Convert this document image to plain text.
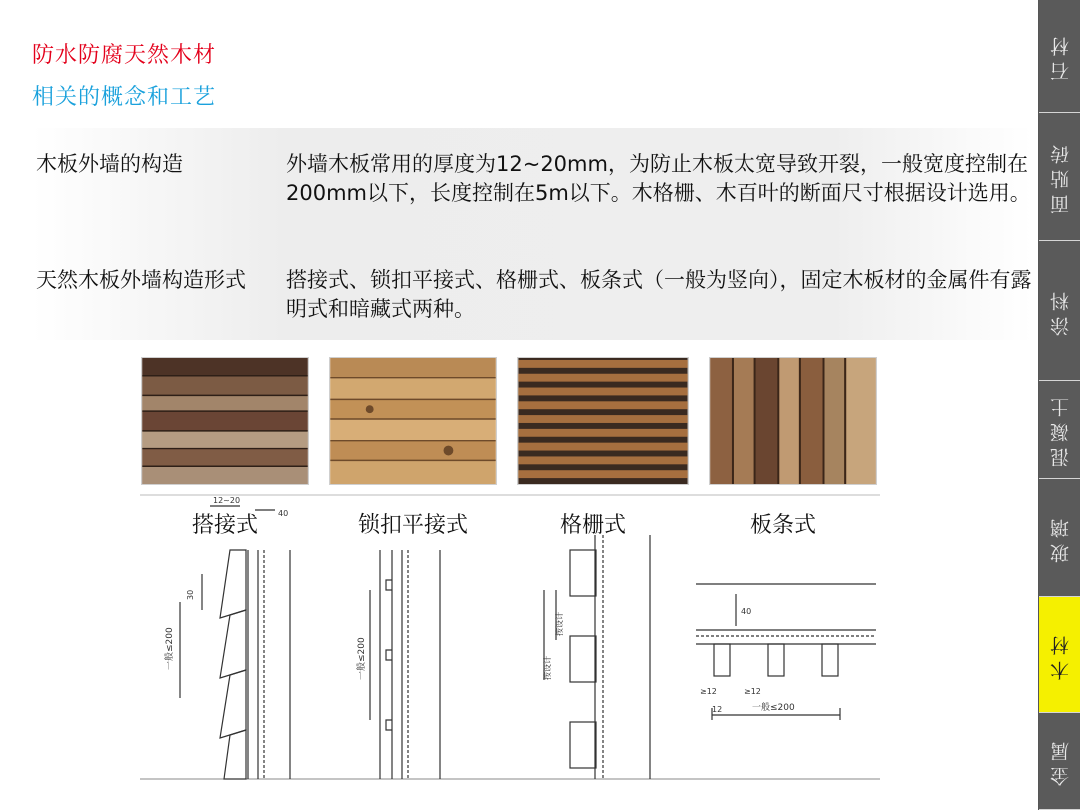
防水防腐天然木材
相关的概念和工艺
木板外墙的构造	外墙木板常用的厚度为12~20mm，为防止木板太宽导致开裂，一般宽度控制在200mm以下，长度控制在5m以下。木格栅、木百叶的断面尺寸根据设计选用。
天然木板外墙构造形式	搭接式、锁扣平接式、格栅式、板条式（一般为竖向），固定木板材的金属件有露明式和暗藏式两种。
12~20
40
30
一般≤200	一般≤200	按设计
按设计
40
≥12	≥12
12	一般≤200
搭接式	锁扣平接式	格栅式	板条式
石材
面贴砖
涂料
混凝土
玻璃
木材
金属
